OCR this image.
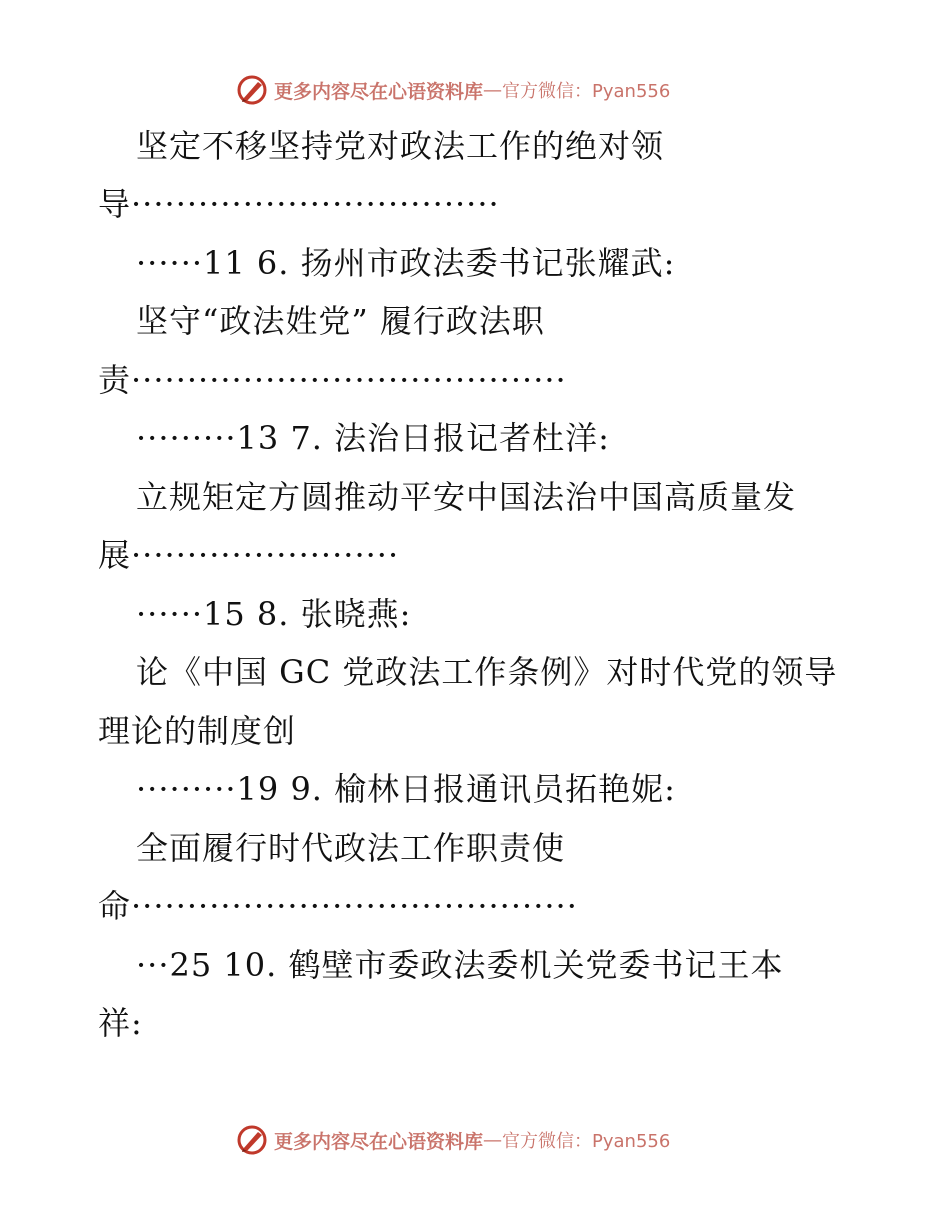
更多内容尽在心语资料库 — 官方微信：Pyan556
坚定不移坚持党对政法工作的绝对领
导·································
······11 6. 扬州市政法委书记张耀武:
坚守“政法姓党” 履行政法职
责·······································
·········13 7. 法治日报记者杜洋:
立规矩定方圆推动平安中国法治中国高质量发
展························
······15 8. 张晓燕:
论《中国 GC 党政法工作条例》对时代党的领导
理论的制度创
·········19 9. 榆林日报通讯员拓艳妮:
全面履行时代政法工作职责使
命········································
···25 10. 鹤壁市委政法委机关党委书记王本
祥:
更多内容尽在心语资料库 — 官方微信：Pyan556
